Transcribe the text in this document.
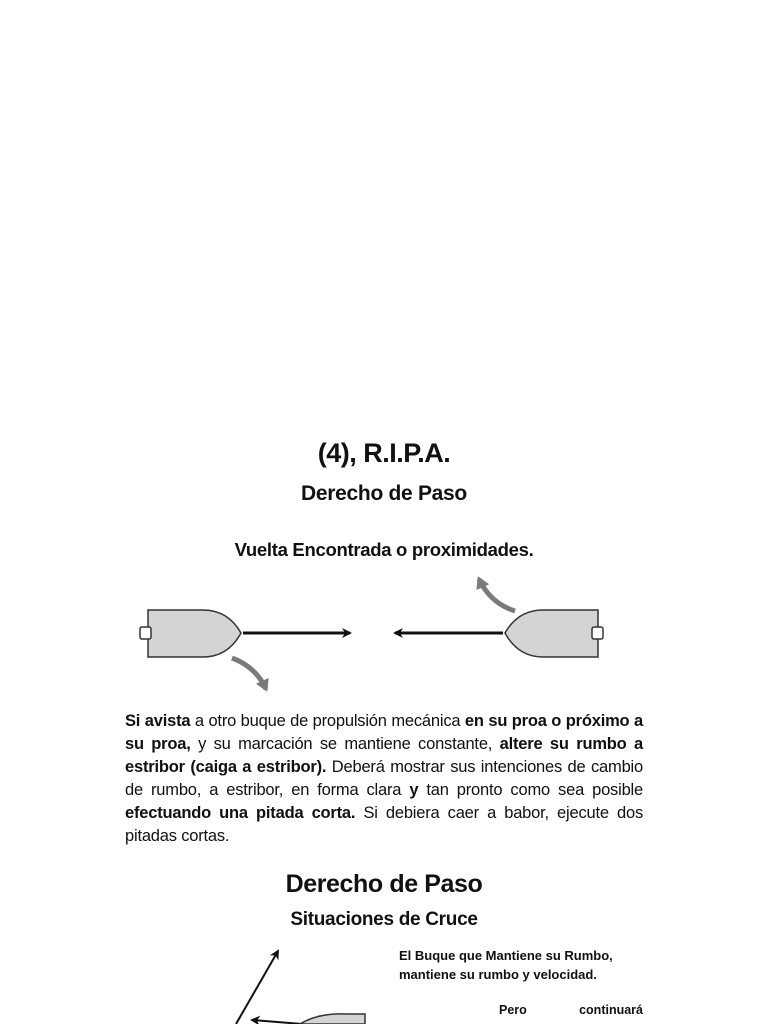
(4), R.I.P.A.
Derecho de Paso
Vuelta Encontrada o proximidades.
Si avista a otro buque de propulsión mecánica en su proa o próximo a su proa, y su marcación se mantiene constante, altere su rumbo a estribor (caiga a estribor). Deberá mostrar sus intenciones de cambio de rumbo, a estribor, en forma clara y tan pronto como sea posible efectuando una pitada corta. Si debiera caer a babor, ejecute dos pitadas cortas.
Derecho de Paso
Situaciones de Cruce
El Buque que Mantiene su Rumbo,
mantiene su rumbo y velocidad.
Pero	continuará
